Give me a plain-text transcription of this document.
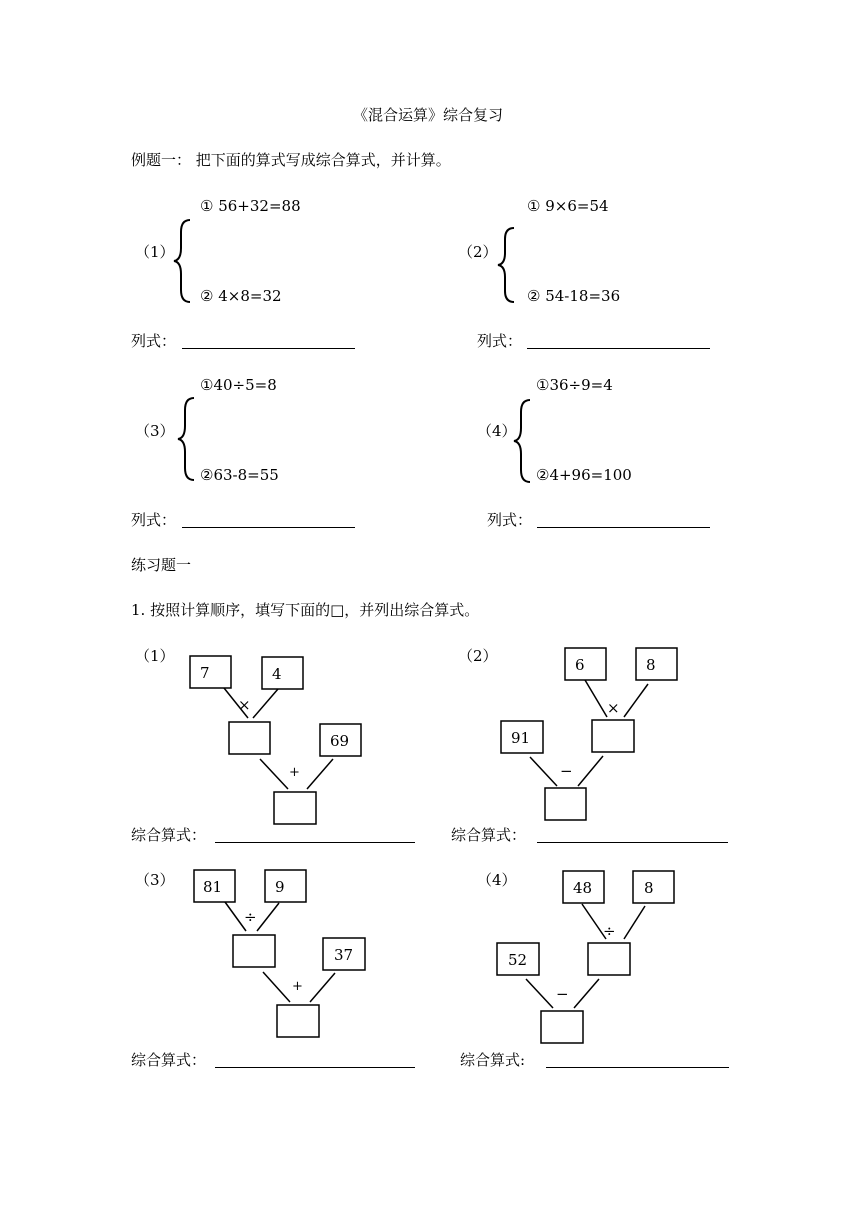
《混合运算》综合复习
例题一： 把下面的算式写成综合算式，并计算。
① 56+32=88
（1）
② 4×8=32
列式：
① 9×6=54
（2）
② 54-18=36
列式：
①40÷5=8
（3）
②63-8=55
列式：
①36÷9=4
（4）
②4+96=100
列式：
练习题一
1. 按照计算顺序，填写下面的□，并列出综合算式。
（1）
7	4
×
69
+
综合算式：
（2）	6	8
×
91
−
综合算式：
（3） 81	9
÷
37
+
综合算式：
（4）	48	8
÷
52
−
综合算式:
